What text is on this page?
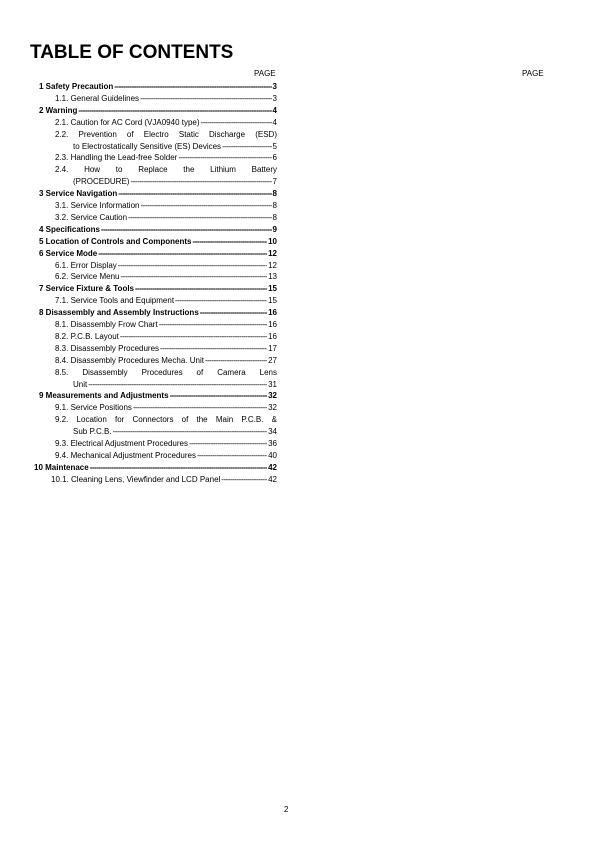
TABLE OF CONTENTS
PAGE	PAGE
1 Safety Precaution -----	3
1.1. General Guidelines -----	3
2 Warning -----	4
2.1. Caution for AC Cord (VJA0940 type) -----	4
2.2. Prevention of Electro Static Discharge (ESD)
to Electrostatically Sensitive (ES) Devices -----	5
2.3. Handling the Lead-free Solder -----	6
2.4. How to Replace the Lithium Battery
(PROCEDURE) -----	7
3 Service Navigation -----	8
3.1. Service Information -----	8
3.2. Service Caution -----	8
4 Specifications -----	9
5 Location of Controls and Components -----	10
6 Service Mode -----	12
6.1. Error Display -----	12
6.2. Service Menu -----	13
7 Service Fixture & Tools -----	15
7.1. Service Tools and Equipment -----	15
8 Disassembly and Assembly Instructions -----	16
8.1. Disassembly Frow Chart -----	16
8.2. P.C.B. Layout -----	16
8.3. Disassembly Procedures -----	17
8.4. Disassembly Procedures Mecha. Unit -----	27
8.5. Disassembly Procedures of Camera Lens
Unit -----	31
9 Measurements and Adjustments -----	32
9.1. Service Positions -----	32
9.2. Location for Connectors of the Main P.C.B. &
Sub P.C.B. -----	34
9.3. Electrical Adjustment Procedures -----	36
9.4. Mechanical Adjustment Procedures -----	40
10 Maintenace -----	42
10.1. Cleaning Lens, Viewfinder and LCD Panel -----	42
2
